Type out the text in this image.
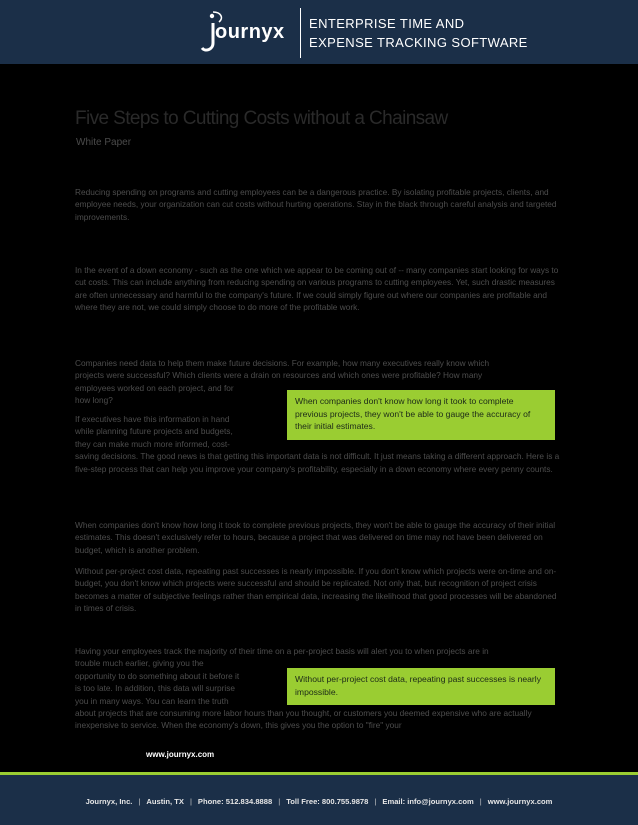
ournyx ENTERPRISE TIME AND
EXPENSE TRACKING SOFTWARE
Five Steps to Cutting Costs without a Chainsaw
White Paper
Reducing spending on programs and cutting employees can be a dangerous practice. By isolating profitable projects, clients, and employee needs, your organization can cut costs without hurting operations. Stay in the black through careful analysis and targeted improvements.
In the event of a down economy - such as the one which we appear to be coming out of -- many companies start looking for ways to cut costs. This can include anything from reducing spending on various programs to cutting employees. Yet, such drastic measures are often unnecessary and harmful to the company's future. If we could simply figure out where our companies are profitable and where they are not, we could simply choose to do more of the profitable work.
Companies need data to help them make future decisions. For example, how many executives really know which
projects were successful? Which clients were a drain on resources and which ones were profitable? How many
employees worked on each project, and for
how long?
If executives have this information in hand
while planning future projects and budgets,
they can make much more informed, cost-
saving decisions. The good news is that getting this important data is not difficult. It just means taking a different approach. Here is a five-step process that can help you improve your company's profitability, especially in a down economy where every penny counts.
When companies don't know how long it took to complete previous projects, they won't be able to gauge the accuracy of their initial estimates.
When companies don't know how long it took to complete previous projects, they won't be able to gauge the accuracy of their initial estimates. This doesn't exclusively refer to hours, because a project that was delivered on time may not have been delivered on budget, which is another problem.
Without per-project cost data, repeating past successes is nearly impossible. If you don't know which projects were on-time and on-budget, you don't know which projects were successful and should be replicated. Not only that, but recognition of project crisis becomes a matter of subjective feelings rather than empirical data, increasing the likelihood that good processes will be abandoned in times of crisis.
Having your employees track the majority of their time on a per-project basis will alert you to when projects are in
trouble much earlier, giving you the
opportunity to do something about it before it
is too late. In addition, this data will surprise
you in many ways. You can learn the truth
about projects that are consuming more labor hours than you thought, or customers you deemed expensive who are actually inexpensive to service. When the economy's down, this gives you the option to "fire" your
Without per-project cost data, repeating past successes is nearly impossible.
www.journyx.com
Journyx, Inc. | Austin, TX | Phone: 512.834.8888 | Toll Free: 800.755.9878 | Email: info@journyx.com | www.journyx.com
